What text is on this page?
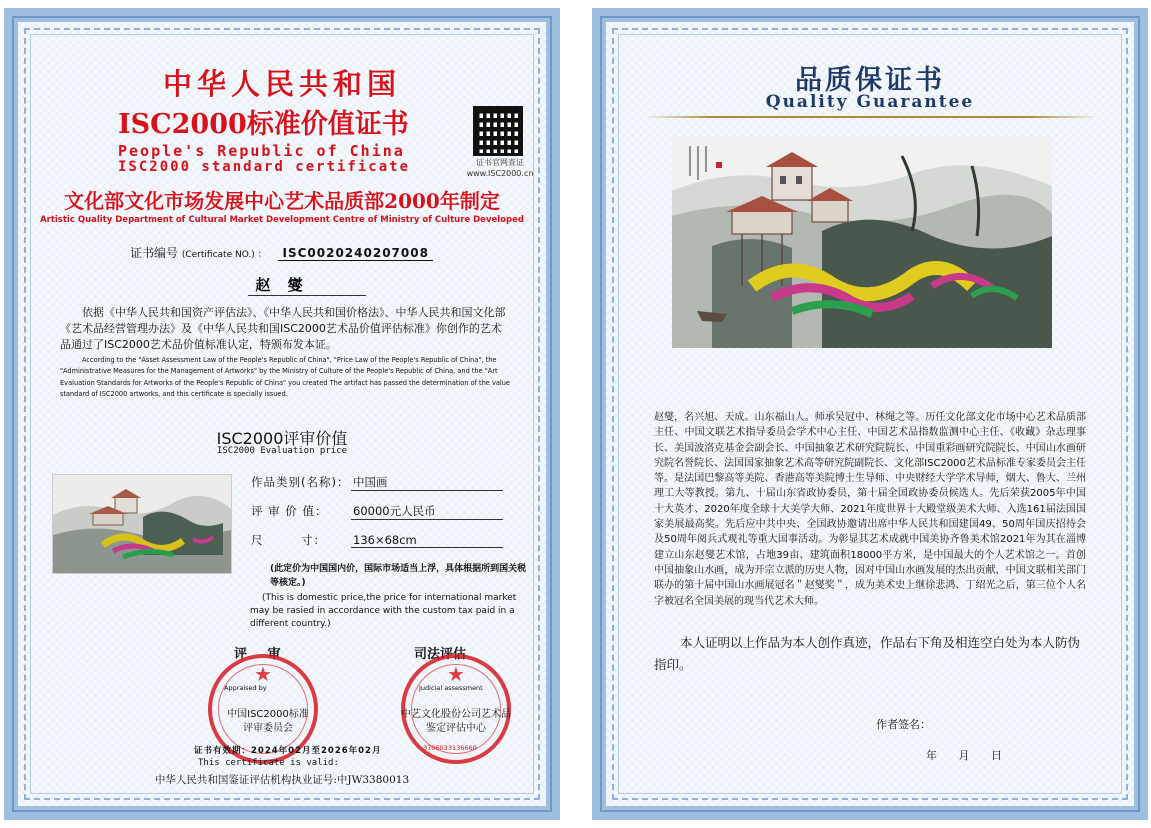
中华人民共和国
ISC2000标准价值证书
People's Republic of China
ISC2000 standard certificate	证书官网查证
www.ISC2000.cn
文化部文化市场发展中心艺术品质部2000年制定
Artistic Quality Department of Cultural Market Development Centre of Ministry of Culture Developed
证书编号 (Certificate NO.) ： ISC0020240207008
赵 燮
依据《中华人民共和国资产评估法》、《中华人民共和国价格法》、中华人民共和国文化部《艺术品经营管理办法》及《中华人民共和国ISC2000艺术品价值评估标准》你创作的艺术品通过了ISC2000艺术品价值标准认定，特颁布发本证。
According to the "Asset Assessment Law of the People's Republic of China", "Price Law of the People's Republic of China", the "Administrative Measures for the Management of Artworks" by the Ministry of Culture of the People's Republic of China, and the "Art Evaluation Standards for Artworks of the People's Republic of China" you created The artifact has passed the determination of the value standard of ISC2000 artworks, and this certificate is specially issued.
ISC2000评审价值
ISC2000 Evaluation price
作品类别(名称)： 中国画
评 审 价 值： 60000元人民币
尺　　　寸： 136×68cm
(此定价为中国国内价，国际市场适当上浮，具体根据所到国关税等核定。)
(This is domestic price,the price for international market may be rasied in accordance with the custom tax paid in a different country.)
评 审	司法评估
★
Appraised by
中国ISC2000标准
评审委员会
★
Judicial assessment
3706033136660
中艺文化股份公司艺术品
鉴定评估中心
证书有效期：2024年02月至2026年02月
This certificate is valid:
中华人民共和国鉴证评估机构执业证号:中JW3380013
品质保证书
Quality Guarantee
赵燮，名兴旭、天成。山东福山人。师承吴冠中、林绳之等。历任文化部文化市场中心艺术品质部主任、中国文联艺术指导委员会学术中心主任、中国艺术品指数监测中心主任、《收藏》杂志理事长、美国波洛克基金会副会长、中国抽象艺术研究院院长、中国重彩画研究院院长、中国山水画研究院名誉院长、法国国家抽象艺术高等研究院副院长、文化部ISC2000艺术品标准专家委员会主任等。是法国巴黎高等美院、香港高等美院博士生导师、中央财经大学学术导师，烟大、鲁大、兰州理工大等教授。第九、十届山东省政协委员，第十届全国政协委员候选人。先后荣获2005年中国十大英才、2020年度全球十大美学大师、2021年度世界十大殿堂级美术大师、入选161届法国国家美展最高奖。先后应中共中央、全国政协邀请出席中华人民共和国建国49、50周年国庆招待会及50周年阅兵式观礼等重大国事活动。为彰显其艺术成就中国美协齐鲁美术馆2021年为其在淄博建立山东赵燮艺术馆，占地39亩、建筑面积18000平方米，是中国最大的个人艺术馆之一。首创中国抽象山水画，成为开宗立派的历史人物，因对中国山水画发展的杰出贡献，中国文联相关部门联办的第十届中国山水画展冠名＂赵燮奖＂，成为美术史上继徐悲鸿、丁绍光之后，第三位个人名字被冠名全国美展的现当代艺术大师。
本人证明以上作品为本人创作真迹，作品右下角及相连空白处为本人防伪指印。
作者签名：
年 月 日
